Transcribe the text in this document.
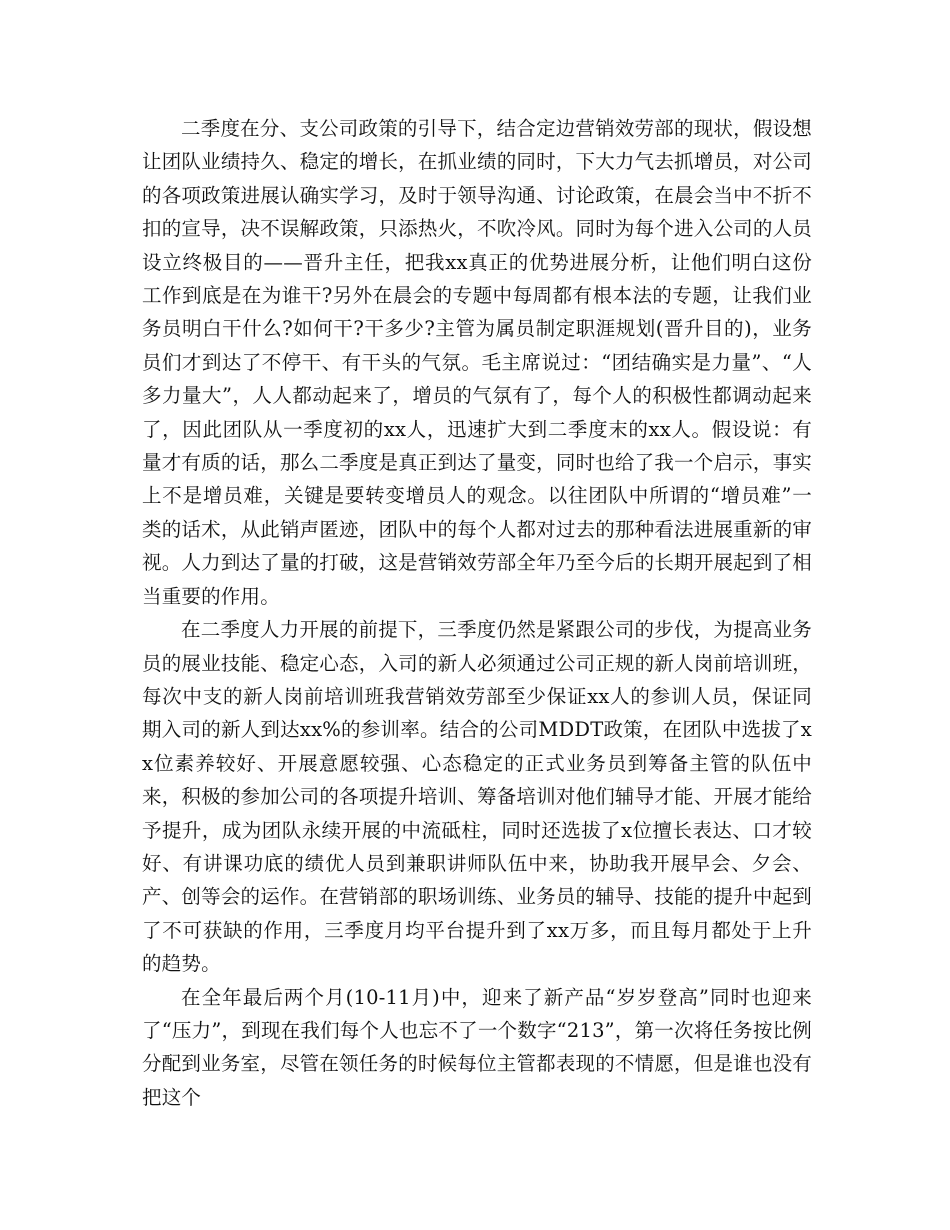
二季度在分、支公司政策的引导下，结合定边营销效劳部的现状，假设想让团队业绩持久、稳定的增长，在抓业绩的同时，下大力气去抓增员，对公司的各项政策进展认确实学习，及时于领导沟通、讨论政策，在晨会当中不折不扣的宣导，决不误解政策，只添热火，不吹冷风。同时为每个进入公司的人员设立终极目的——晋升主任，把我xx真正的优势进展分析，让他们明白这份工作到底是在为谁干?另外在晨会的专题中每周都有根本法的专题，让我们业务员明白干什么?如何干?干多少?主管为属员制定职涯规划(晋升目的)，业务员们才到达了不停干、有干头的气氛。毛主席说过：“团结确实是力量”、“人多力量大”，人人都动起来了，增员的气氛有了，每个人的积极性都调动起来了，因此团队从一季度初的xx人，迅速扩大到二季度末的xx人。假设说：有量才有质的话，那么二季度是真正到达了量变，同时也给了我一个启示，事实上不是增员难，关键是要转变增员人的观念。以往团队中所谓的“增员难”一类的话术，从此销声匿迹，团队中的每个人都对过去的那种看法进展重新的审视。人力到达了量的打破，这是营销效劳部全年乃至今后的长期开展起到了相当重要的作用。

在二季度人力开展的前提下，三季度仍然是紧跟公司的步伐，为提高业务员的展业技能、稳定心态，入司的新人必须通过公司正规的新人岗前培训班，每次中支的新人岗前培训班我营销效劳部至少保证xx人的参训人员，保证同期入司的新人到达xx%的参训率。结合的公司MDDT政策，在团队中选拔了xx位素养较好、开展意愿较强、心态稳定的正式业务员到筹备主管的队伍中来，积极的参加公司的各项提升培训、筹备培训对他们辅导才能、开展才能给予提升，成为团队永续开展的中流砥柱，同时还选拔了x位擅长表达、口才较好、有讲课功底的绩优人员到兼职讲师队伍中来，协助我开展早会、夕会、产、创等会的运作。在营销部的职场训练、业务员的辅导、技能的提升中起到了不可获缺的作用，三季度月均平台提升到了xx万多，而且每月都处于上升的趋势。

在全年最后两个月(10-11月)中，迎来了新产品“岁岁登高”同时也迎来了“压力”，到现在我们每个人也忘不了一个数字“213”，第一次将任务按比例分配到业务室，尽管在领任务的时候每位主管都表现的不情愿，但是谁也没有把这个
